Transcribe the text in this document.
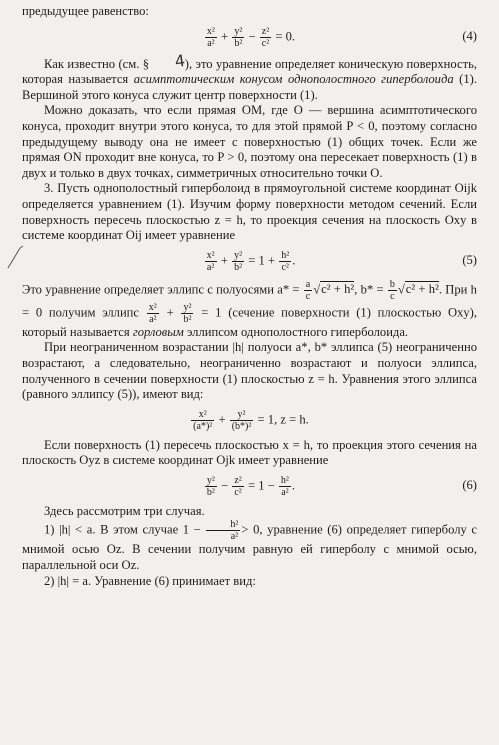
предыдущее равенство:

$\frac{\text{x²}}{\text{a²}} + \frac{\text{y²}}{\text{b²}} - \frac{\text{z²}}{\text{c²}} = 0$.	(4)

Как известно (см. § 4), это уравнение определяет коническую поверхность, которая называется асимптотическим конусом однополостного гиперболоида (1). Вершиной этого конуса служит центр поверхности (1).

Можно доказать, что если прямая OM, где O — вершина асимптотического конуса, проходит внутри этого конуса, то для этой прямой P < 0, поэтому согласно предыдущему выводу она не имеет с поверхностью (1) общих точек. Если же прямая ON проходит вне конуса, то P > 0, поэтому она пересекает поверхность (1) в двух и только в двух точках, симметричных относительно точки O.

3. Пусть однополостный гиперболоид в прямоугольной системе координат Oijk определяется уравнением (1). Изучим форму поверхности методом сечений. Если поверхность пересечь плоскостью z = h, то проекция сечения на плоскость Oxy в системе координат Oij имеет уравнение

$\frac{\text{x²}}{\text{a²}} + \frac{\text{y²}}{\text{b²}} = 1 + \frac{\text{h²}}{\text{c²}}$ .	(5)

Это уравнение определяет эллипс с полуосями $a* = \frac{a}{c} √c^2 + h^2$, $b* = \frac{b}{c} √c^2 + h^2$. При h = 0 получим эллипс $\frac{\text{x²}}{\text{a²}} + \frac{\text{y²}}{\text{b²}} = 1$ (сечение поверхности (1) плоскостью Oxy), который называется горловым эллипсом однополостного гиперболоида.

При неограниченном возрастании |h| полуоси a*, b* эллипса (5) неограниченно возрастают, а следовательно, неограниченно возрастают и полуоси эллипса, полученного в сечении поверхности (1) плоскостью z = h. Уравнения этого эллипса (равного эллипсу (5)), имеют вид:

$\frac{\text{x²}}{\text{(a*)²}} + \frac{\text{y²}}{\text{(b*)²}} = 1$, z = h.

Если поверхность (1) пересечь плоскостью x = h, то проекция этого сечения на плоскость Oyz в системе координат Ojk имеет уравнение

$\frac{\text{y²}}{\text{b²}} - \frac{\text{z²}}{\text{c²}} = 1 - \frac{\text{h²}}{\text{a²}}$ .	(6)

Здесь рассмотрим три случая.

1) |h| < a. В этом случае $1 - \frac{\text{h²}}{\text{a²}} > 0$, уравнение (6) определяет гиперболу с мнимой осью Oz. В сечении получим равную ей гиперболу с мнимой осью, параллельной оси Oz.

2) |h| = a. Уравнение (6) принимает вид:
